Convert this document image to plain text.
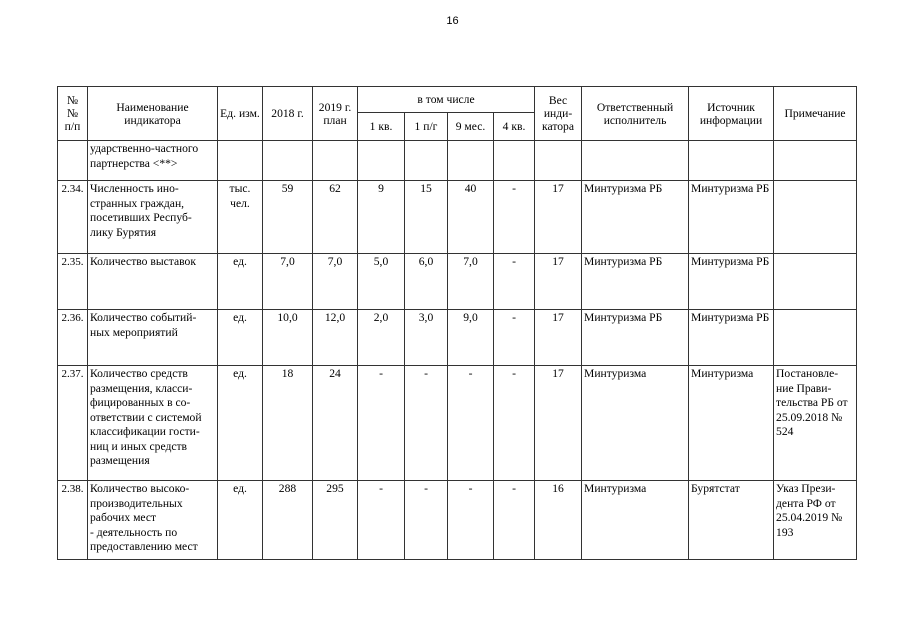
16
№
№
п/п	Наименование индикатора	Ед. изм.	2018 г.	2019 г. план	в том числе				Вес инди-катора	Ответственный исполнитель	Источник информации	Примечание
					1 кв.	1 п/г	9 мес.	4 кв.				
	ударственно-частного партнерства <**>											
2.34.	Численность ино-странных граждан, посетивших Респуб-лику Бурятия	тыс. чел.	59	62	9	15	40	-	17	Минтуризма РБ	Минтуризма РБ	
2.35.	Количество выставок	ед.	7,0	7,0	5,0	6,0	7,0	-	17	Минтуризма РБ	Минтуризма РБ	
2.36.	Количество событий-ных мероприятий	ед.	10,0	12,0	2,0	3,0	9,0	-	17	Минтуризма РБ	Минтуризма РБ	
2.37.	Количество средств размещения, класси-фицированных в со-ответствии с системой классификации гости-ниц и иных средств размещения	ед.	18	24	-	-	-	-	17	Минтуризма	Минтуризма	Постановле-ние Прави-тельства РБ от 25.09.2018 № 524
2.38.	Количество высоко-производительных рабочих мест
- деятельность по предоставлению мест	ед.	288	295	-	-	-	-	16	Минтуризма	Бурятстат	Указ Прези-дента РФ от 25.04.2019 № 193
